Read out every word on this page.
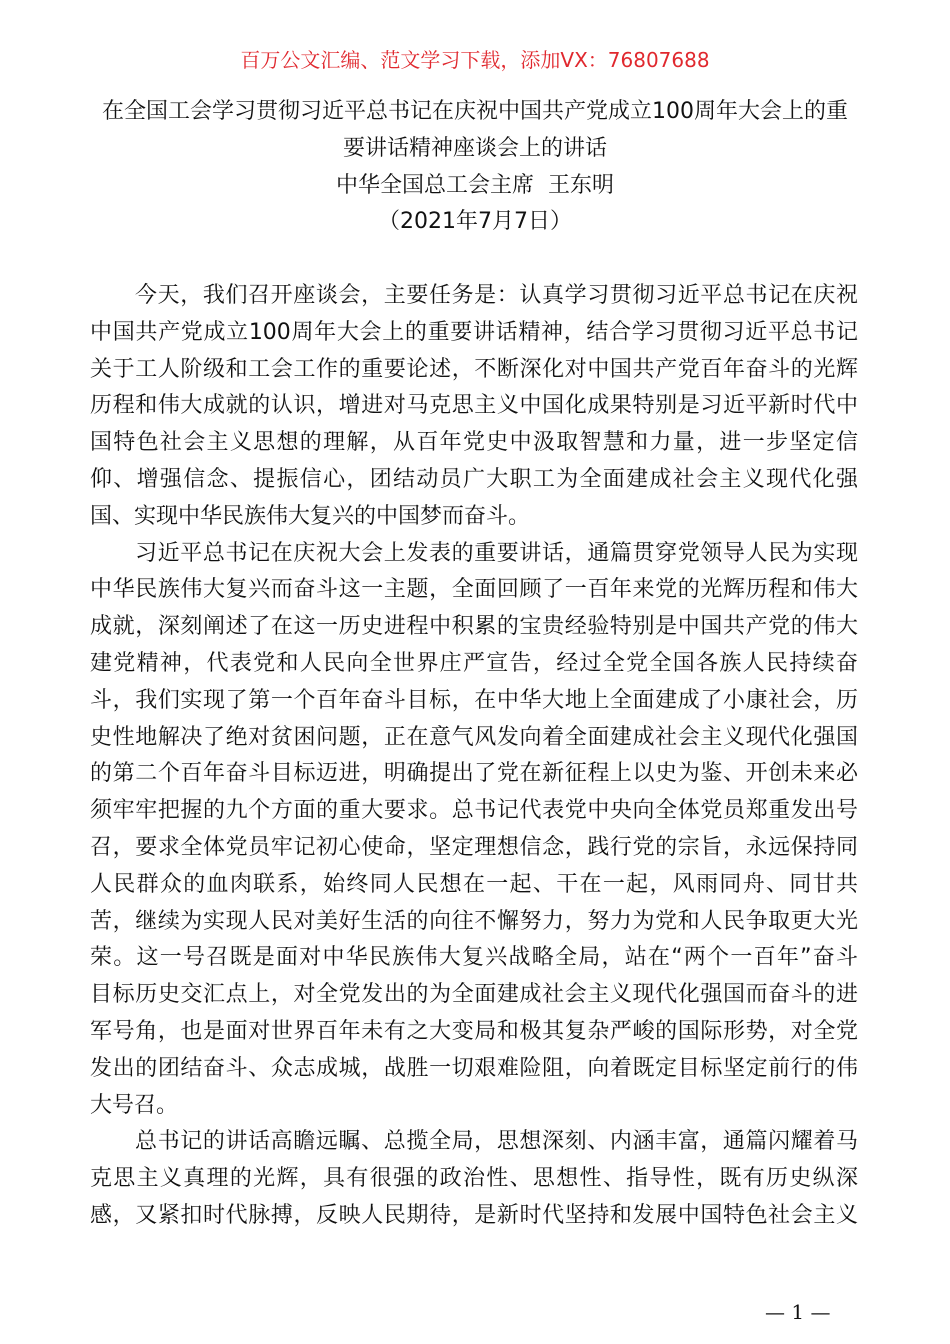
百万公文汇编、范文学习下载，添加VX：76807688
在全国工会学习贯彻习近平总书记在庆祝中国共产党成立100周年大会上的重
要讲话精神座谈会上的讲话
中华全国总工会主席  王东明
（2021年7月7日）
今天，我们召开座谈会，主要任务是：认真学习贯彻习近平总书记在庆祝
中国共产党成立100周年大会上的重要讲话精神，结合学习贯彻习近平总书记
关于工人阶级和工会工作的重要论述，不断深化对中国共产党百年奋斗的光辉
历程和伟大成就的认识，增进对马克思主义中国化成果特别是习近平新时代中
国特色社会主义思想的理解，从百年党史中汲取智慧和力量，进一步坚定信
仰、增强信念、提振信心，团结动员广大职工为全面建成社会主义现代化强
国、实现中华民族伟大复兴的中国梦而奋斗。
习近平总书记在庆祝大会上发表的重要讲话，通篇贯穿党领导人民为实现
中华民族伟大复兴而奋斗这一主题，全面回顾了一百年来党的光辉历程和伟大
成就，深刻阐述了在这一历史进程中积累的宝贵经验特别是中国共产党的伟大
建党精神，代表党和人民向全世界庄严宣告，经过全党全国各族人民持续奋
斗，我们实现了第一个百年奋斗目标，在中华大地上全面建成了小康社会，历
史性地解决了绝对贫困问题，正在意气风发向着全面建成社会主义现代化强国
的第二个百年奋斗目标迈进，明确提出了党在新征程上以史为鉴、开创未来必
须牢牢把握的九个方面的重大要求。总书记代表党中央向全体党员郑重发出号
召，要求全体党员牢记初心使命，坚定理想信念，践行党的宗旨，永远保持同
人民群众的血肉联系，始终同人民想在一起、干在一起，风雨同舟、同甘共
苦，继续为实现人民对美好生活的向往不懈努力，努力为党和人民争取更大光
荣。这一号召既是面对中华民族伟大复兴战略全局，站在“两个一百年”奋斗
目标历史交汇点上，对全党发出的为全面建成社会主义现代化强国而奋斗的进
军号角，也是面对世界百年未有之大变局和极其复杂严峻的国际形势，对全党
发出的团结奋斗、众志成城，战胜一切艰难险阻，向着既定目标坚定前行的伟
大号召。
总书记的讲话高瞻远瞩、总揽全局，思想深刻、内涵丰富，通篇闪耀着马
克思主义真理的光辉，具有很强的政治性、思想性、指导性，既有历史纵深
感，又紧扣时代脉搏，反映人民期待，是新时代坚持和发展中国特色社会主义
— 1 —
